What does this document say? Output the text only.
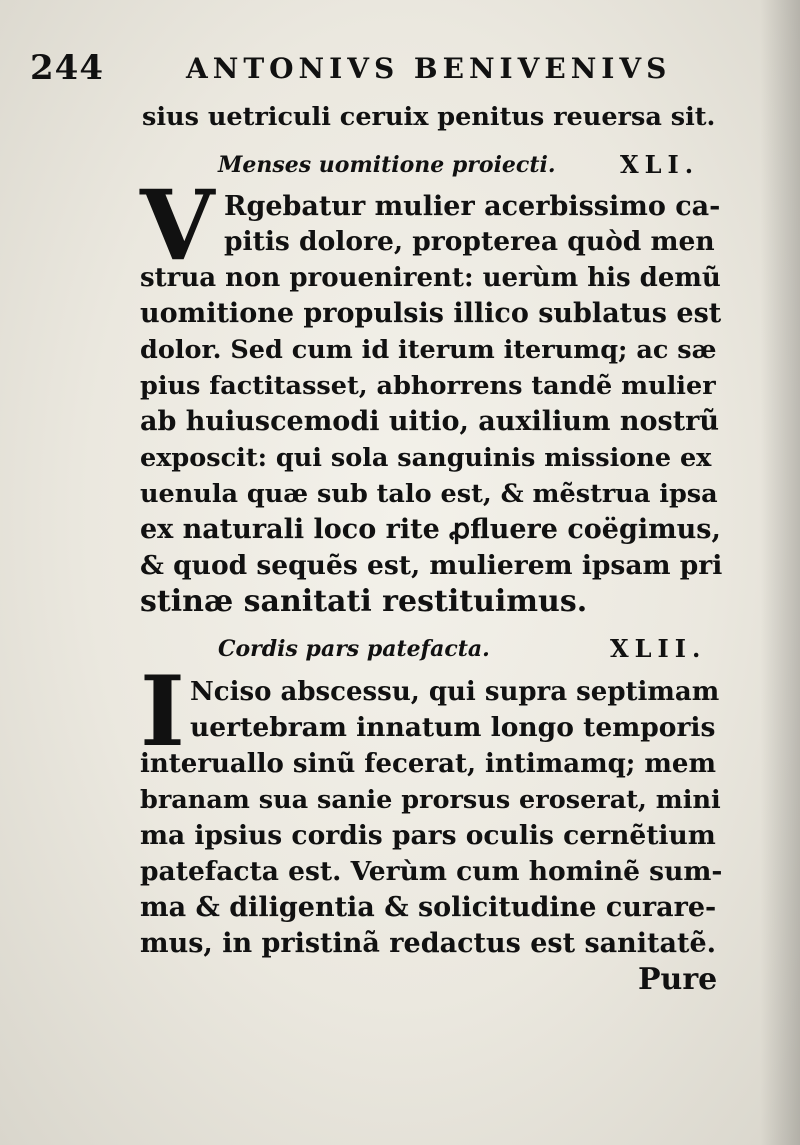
244	ANTONIVS BENIVENIVS
sius uetriculi ceruix penitus reuersa sit.
Menses uomitione proiecti.	XLI.
V Rgebatur mulier acerbissimo ca-
pitis dolore, propterea quòd men
strua non prouenirent: uerùm his demũ
uomitione propulsis illico sublatus est
dolor. Sed cum id iterum iterumq; ac sæ
pius factitasset, abhorrens tandẽ mulier
ab huiuscemodi uitio, auxilium nostrũ
exposcit: qui sola sanguinis missione ex
uenula quæ sub talo est, & mẽstrua ipsa
ex naturali loco rite ꝓfluere coëgimus,
& quod sequẽs est, mulierem ipsam pri
stinæ sanitati restituimus.
Cordis pars patefacta.	XLII.
I Nciso abscessu, qui supra septimam
uertebram innatum longo temporis
interuallo sinũ fecerat, intimamq; mem
branam sua sanie prorsus eroserat, mini
ma ipsius cordis pars oculis cernẽtium
patefacta est. Verùm cum hominẽ sum-
ma & diligentia & solicitudine curare-
mus, in pristinã redactus est sanitatẽ.
Pure
